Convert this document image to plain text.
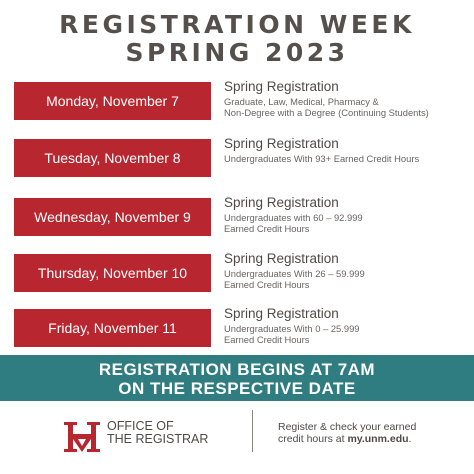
REGISTRATION WEEK
SPRING 2023
Monday, November 7
Spring Registration
Graduate, Law, Medical, Pharmacy &
Non-Degree with a Degree (Continuing Students)
Tuesday, November 8
Spring Registration
Undergraduates With 93+ Earned Credit Hours
Wednesday, November 9
Spring Registration
Undergraduates with 60 – 92.999
Earned Credit Hours
Thursday, November 10
Spring Registration
Undergraduates With 26 – 59.999
Earned Credit Hours
Friday, November 11
Spring Registration
Undergraduates With 0 – 25.999
Earned Credit Hours
REGISTRATION BEGINS AT 7AM
ON THE RESPECTIVE DATE
OFFICE OF
THE REGISTRAR
Register & check your earned
credit hours at my.unm.edu.
